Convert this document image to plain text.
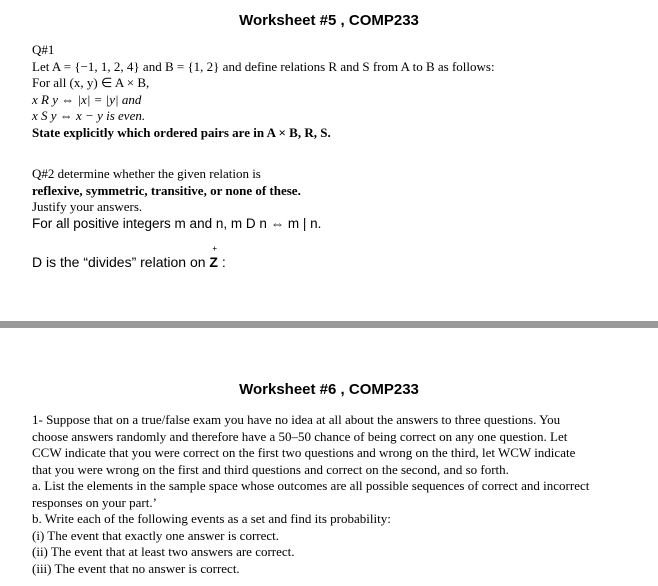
Worksheet #5 , COMP233

Q#1

Let A = {−1, 1, 2, 4} and B = {1, 2} and define relations R and S from A to B as follows:

For all (x, y) ∈ A × B,

x R y ⇔ |x| = |y| and

x S y ⇔ x − y is even.

State explicitly which ordered pairs are in A × B, R, S.

Q#2 determine whether the given relation is

reflexive, symmetric, transitive, or none of these.

Justify your answers.

For all positive integers m and n, m D n ⇔ m | n.

D is the “divides” relation on Z
+
:
Worksheet #6 , COMP233

1- Suppose that on a true/false exam you have no idea at all about the answers to three questions. You

choose answers randomly and therefore have a 50–50 chance of being correct on any one question. Let

CCW indicate that you were correct on the first two questions and wrong on the third, let WCW indicate

that you were wrong on the first and third questions and correct on the second, and so forth.

a. List the elements in the sample space whose outcomes are all possible sequences of correct and incorrect

responses on your part.’

b. Write each of the following events as a set and find its probability:

(i) The event that exactly one answer is correct.

(ii) The event that at least two answers are correct.

(iii) The event that no answer is correct.
